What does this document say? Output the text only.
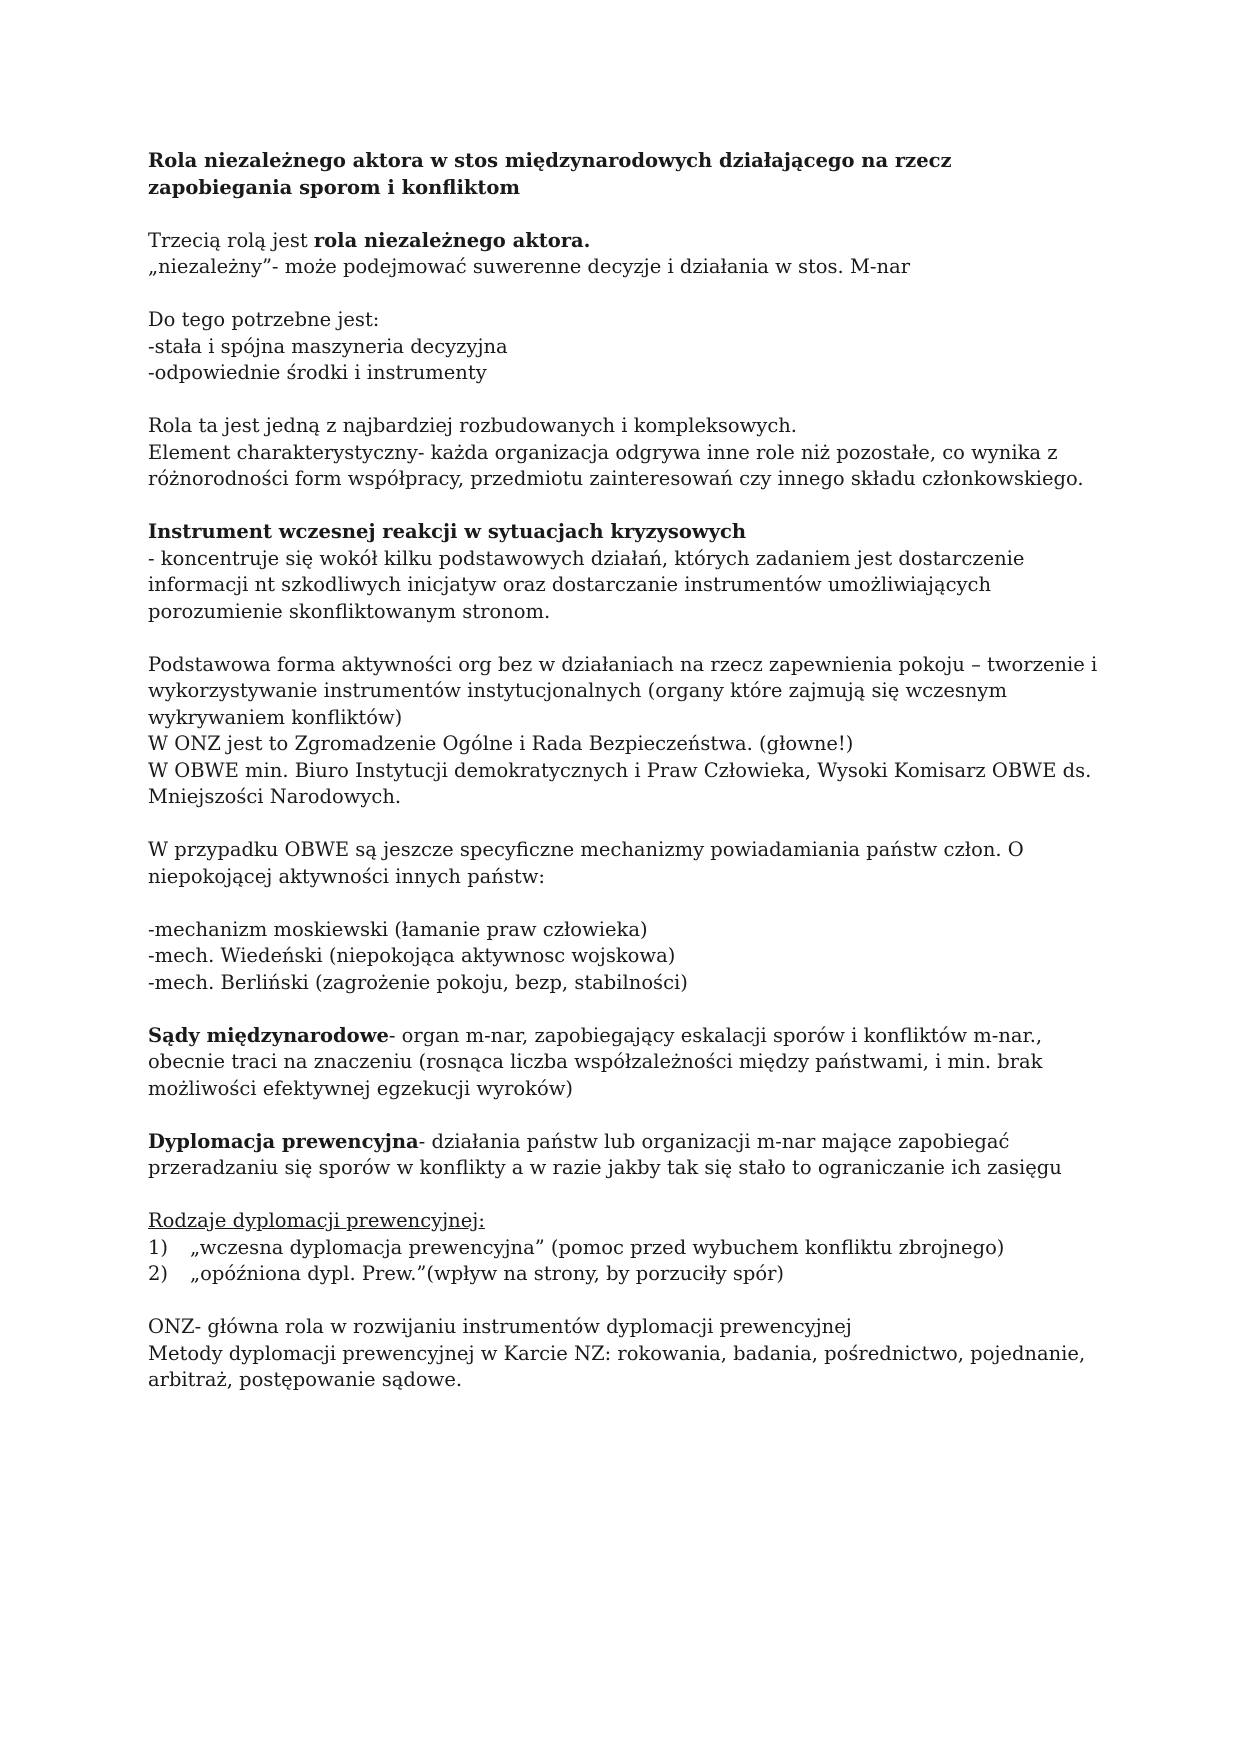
Rola niezależnego aktora w stos międzynarodowych działającego na rzecz zapobiegania sporom i konfliktom

Trzecią rolą jest rola niezależnego aktora.
„niezależny”- może podejmować suwerenne decyzje i działania w stos. M-nar

Do tego potrzebne jest:
-stała i spójna maszyneria decyzyjna
-odpowiednie środki i instrumenty

Rola ta jest jedną z najbardziej rozbudowanych i kompleksowych.
Element charakterystyczny- każda organizacja odgrywa inne role niż pozostałe, co wynika z różnorodności form współpracy, przedmiotu zainteresowań czy innego składu członkowskiego.

Instrument wczesnej reakcji w sytuacjach kryzysowych
- koncentruje się wokół kilku podstawowych działań, których zadaniem jest dostarczenie informacji nt szkodliwych inicjatyw oraz dostarczanie instrumentów umożliwiających porozumienie skonfliktowanym stronom.

Podstawowa forma aktywności org bez w działaniach na rzecz zapewnienia pokoju – tworzenie i wykorzystywanie instrumentów instytucjonalnych (organy które zajmują się wczesnym wykrywaniem konfliktów)
W ONZ jest to Zgromadzenie Ogólne i Rada Bezpieczeństwa. (głowne!)
W OBWE min. Biuro Instytucji demokratycznych i Praw Człowieka, Wysoki Komisarz OBWE ds. Mniejszości Narodowych.

W przypadku OBWE są jeszcze specyficzne mechanizmy powiadamiania państw człon. O niepokojącej aktywności innych państw:

-mechanizm moskiewski (łamanie praw człowieka)
-mech. Wiedeński (niepokojąca aktywnosc wojskowa)
-mech. Berliński (zagrożenie pokoju, bezp, stabilności)

Sądy międzynarodowe- organ m-nar, zapobiegający eskalacji sporów i konfliktów m-nar., obecnie traci na znaczeniu (rosnąca liczba współzależności między państwami, i min. brak możliwości efektywnej egzekucji wyroków)

Dyplomacja prewencyjna- działania państw lub organizacji m-nar mające zapobiegać przeradzaniu się sporów w konflikty a w razie jakby tak się stało to ograniczanie ich zasięgu

Rodzaje dyplomacji prewencyjnej:
1)	„wczesna dyplomacja prewencyjna” (pomoc przed wybuchem konfliktu zbrojnego)
2)	„opóźniona dypl. Prew.”(wpływ na strony, by porzuciły spór)

ONZ- główna rola w rozwijaniu instrumentów dyplomacji prewencyjnej
Metody dyplomacji prewencyjnej w Karcie NZ: rokowania, badania, pośrednictwo, pojednanie, arbitraż, postępowanie sądowe.
